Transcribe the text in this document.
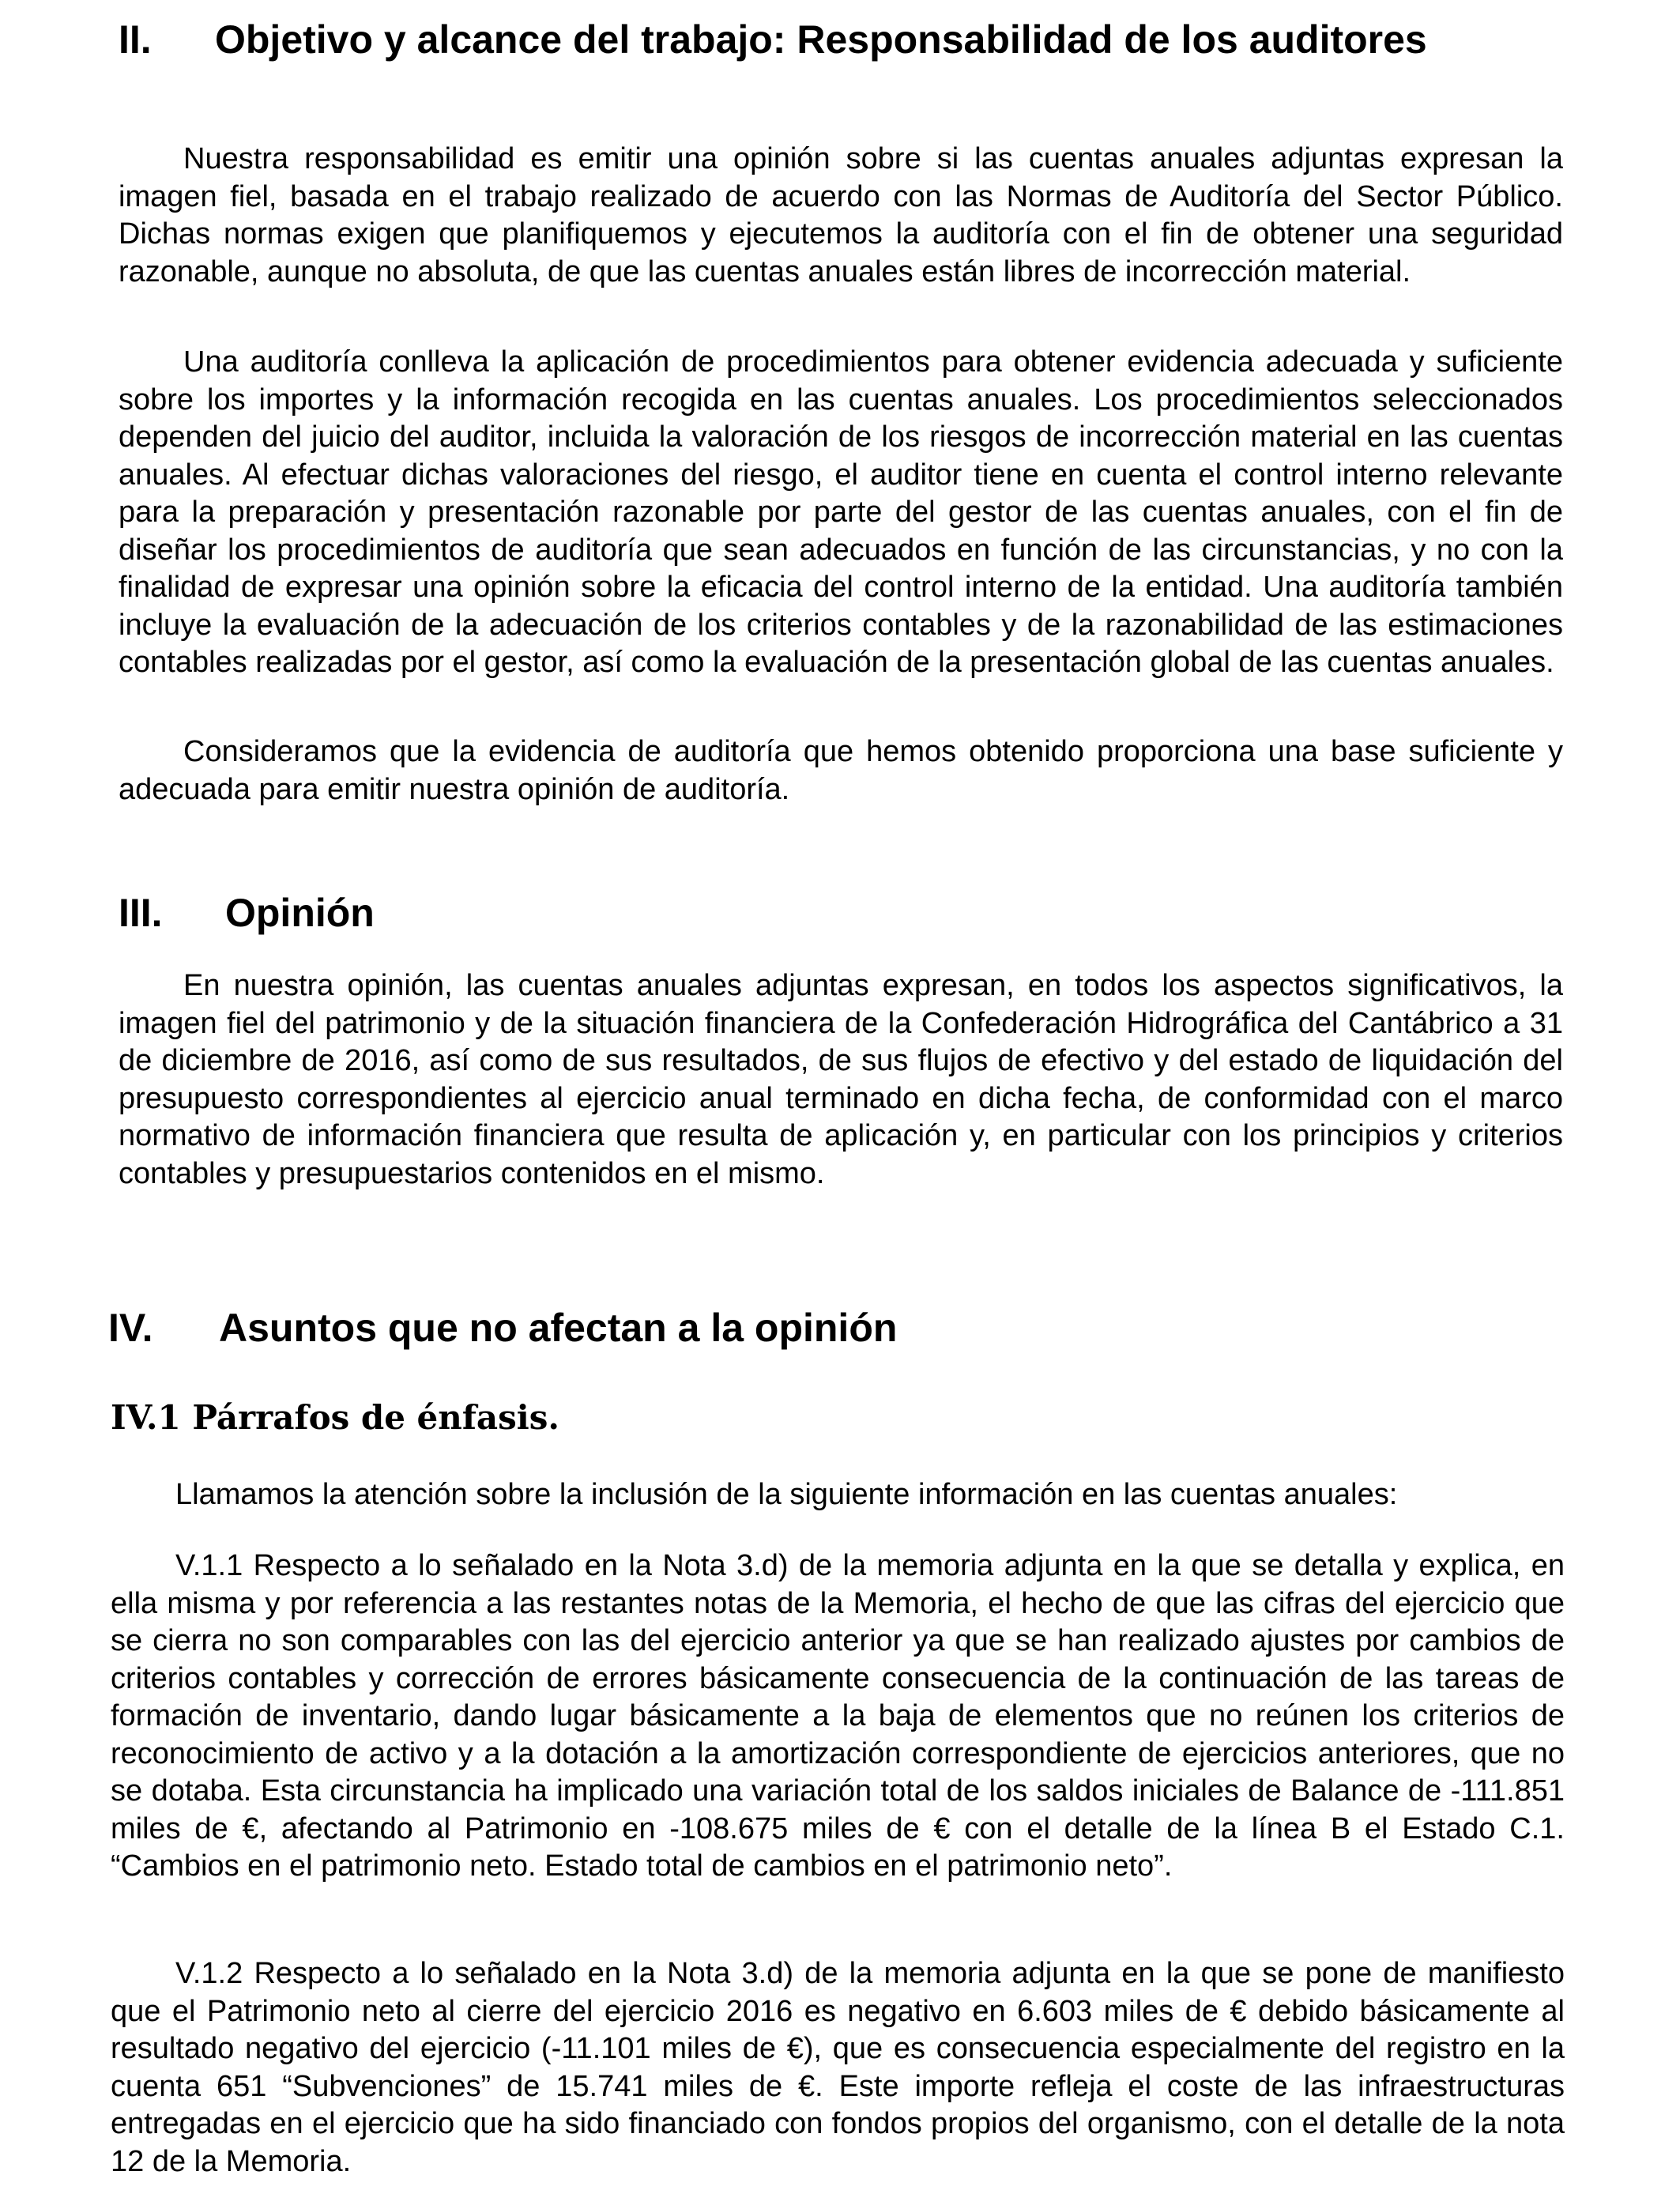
II. Objetivo y alcance del trabajo: Responsabilidad de los auditores

Nuestra responsabilidad es emitir una opinión sobre si las cuentas anuales adjuntas expresan la imagen fiel, basada en el trabajo realizado de acuerdo con las Normas de Auditoría del Sector Público. Dichas normas exigen que planifiquemos y ejecutemos la auditoría con el fin de obtener una seguridad razonable, aunque no absoluta, de que las cuentas anuales están libres de incorrección material.

Una auditoría conlleva la aplicación de procedimientos para obtener evidencia adecuada y suficiente sobre los importes y la información recogida en las cuentas anuales. Los procedimientos seleccionados dependen del juicio del auditor, incluida la valoración de los riesgos de incorrección material en las cuentas anuales. Al efectuar dichas valoraciones del riesgo, el auditor tiene en cuenta el control interno relevante para la preparación y presentación razonable por parte del gestor de las cuentas anuales, con el fin de diseñar los procedimientos de auditoría que sean adecuados en función de las circunstancias, y no con la finalidad de expresar una opinión sobre la eficacia del control interno de la entidad. Una auditoría también incluye la evaluación de la adecuación de los criterios contables y de la razonabilidad de las estimaciones contables realizadas por el gestor, así como la evaluación de la presentación global de las cuentas anuales.

Consideramos que la evidencia de auditoría que hemos obtenido proporciona una base suficiente y adecuada para emitir nuestra opinión de auditoría.

III. Opinión

En nuestra opinión, las cuentas anuales adjuntas expresan, en todos los aspectos significativos, la imagen fiel del patrimonio y de la situación financiera de la Confederación Hidrográfica del Cantábrico a 31 de diciembre de 2016, así como de sus resultados, de sus flujos de efectivo y del estado de liquidación del presupuesto correspondientes al ejercicio anual terminado en dicha fecha, de conformidad con el marco normativo de información financiera que resulta de aplicación y, en particular con los principios y criterios contables y presupuestarios contenidos en el mismo.

IV. Asuntos que no afectan a la opinión
IV.1 Párrafos de énfasis.

Llamamos la atención sobre la inclusión de la siguiente información en las cuentas anuales:

V.1.1 Respecto a lo señalado en la Nota 3.d) de la memoria adjunta en la que se detalla y explica, en ella misma y por referencia a las restantes notas de la Memoria, el hecho de que las cifras del ejercicio que se cierra no son comparables con las del ejercicio anterior ya que se han realizado ajustes por cambios de criterios contables y corrección de errores básicamente consecuencia de la continuación de las tareas de formación de inventario, dando lugar básicamente a la baja de elementos que no reúnen los criterios de reconocimiento de activo y a la dotación a la amortización correspondiente de ejercicios anteriores, que no se dotaba. Esta circunstancia ha implicado una variación total de los saldos iniciales de Balance de -111.851 miles de €, afectando al Patrimonio en -108.675 miles de € con el detalle de la línea B el Estado C.1. “Cambios en el patrimonio neto. Estado total de cambios en el patrimonio neto”.

V.1.2 Respecto a lo señalado en la Nota 3.d) de la memoria adjunta en la que se pone de manifiesto que el Patrimonio neto al cierre del ejercicio 2016 es negativo en 6.603 miles de € debido básicamente al resultado negativo del ejercicio (-11.101 miles de €), que es consecuencia especialmente del registro en la cuenta 651 “Subvenciones” de 15.741 miles de €. Este importe refleja el coste de las infraestructuras entregadas en el ejercicio que ha sido financiado con fondos propios del organismo, con el detalle de la nota 12 de la Memoria.
